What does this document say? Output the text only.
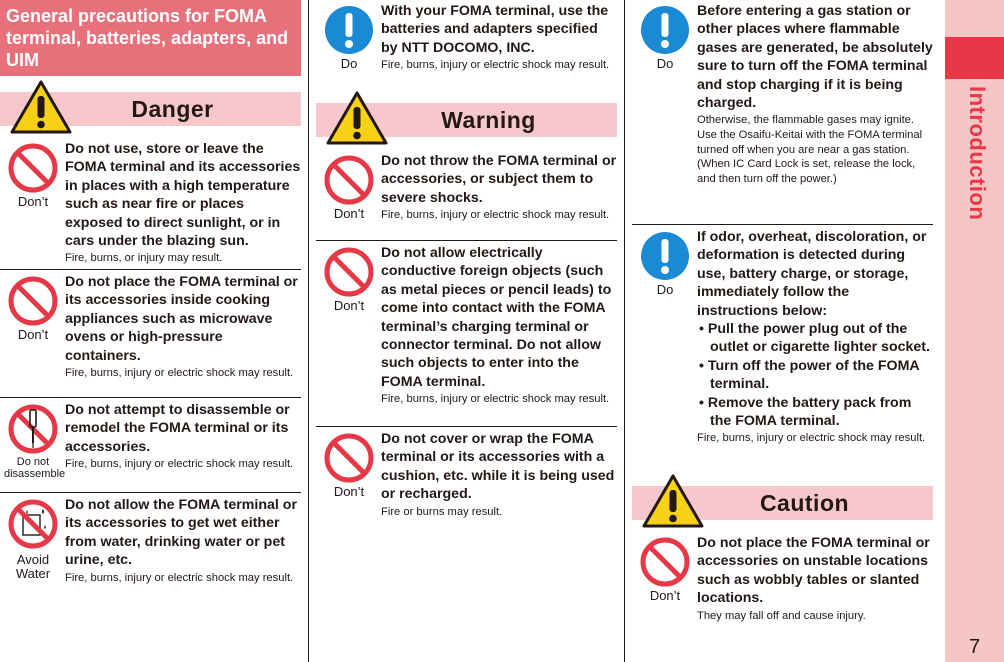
General precautions for FOMA terminal, batteries, adapters, and UIM
Danger
Don’t
Do not use, store or leave the FOMA terminal and its accessories in places with a high temperature such as near fire or places exposed to direct sunlight, or in cars under the blazing sun.
Fire, burns, or injury may result.
Don’t
Do not place the FOMA terminal or its accessories inside cooking appliances such as microwave ovens or high-pressure containers.
Fire, burns, injury or electric shock may result.
Do not disassemble
Do not attempt to disassemble or remodel the FOMA terminal or its accessories.
Fire, burns, injury or electric shock may result.
Avoid Water
Do not allow the FOMA terminal or its accessories to get wet either from water, drinking water or pet urine, etc.
Fire, burns, injury or electric shock may result.
Do
With your FOMA terminal, use the batteries and adapters specified by NTT DOCOMO, INC.
Fire, burns, injury or electric shock may result.
Warning
Don’t
Do not throw the FOMA terminal or accessories, or subject them to severe shocks.
Fire, burns, injury or electric shock may result.
Don’t
Do not allow electrically conductive foreign objects (such as metal pieces or pencil leads) to come into contact with the FOMA terminal’s charging terminal or connector terminal. Do not allow such objects to enter into the FOMA terminal.
Fire, burns, injury or electric shock may result.
Don’t
Do not cover or wrap the FOMA terminal or its accessories with a cushion, etc. while it is being used or recharged.
Fire or burns may result.
Do
Before entering a gas station or other places where flammable gases are generated, be absolutely sure to turn off the FOMA terminal and stop charging if it is being charged.
Otherwise, the flammable gases may ignite.
Use the Osaifu-Keitai with the FOMA terminal turned off when you are near a gas station. (When IC Card Lock is set, release the lock, and then turn off the power.)
Do
If odor, overheat, discoloration, or deformation is detected during use, battery charge, or storage, immediately follow the instructions below:
• Pull the power plug out of the outlet or cigarette lighter socket.
• Turn off the power of the FOMA terminal.
• Remove the battery pack from the FOMA terminal.
Fire, burns, injury or electric shock may result.
Caution
Don’t
Do not place the FOMA terminal or accessories on unstable locations such as wobbly tables or slanted locations.
They may fall off and cause injury.
Introduction
7
